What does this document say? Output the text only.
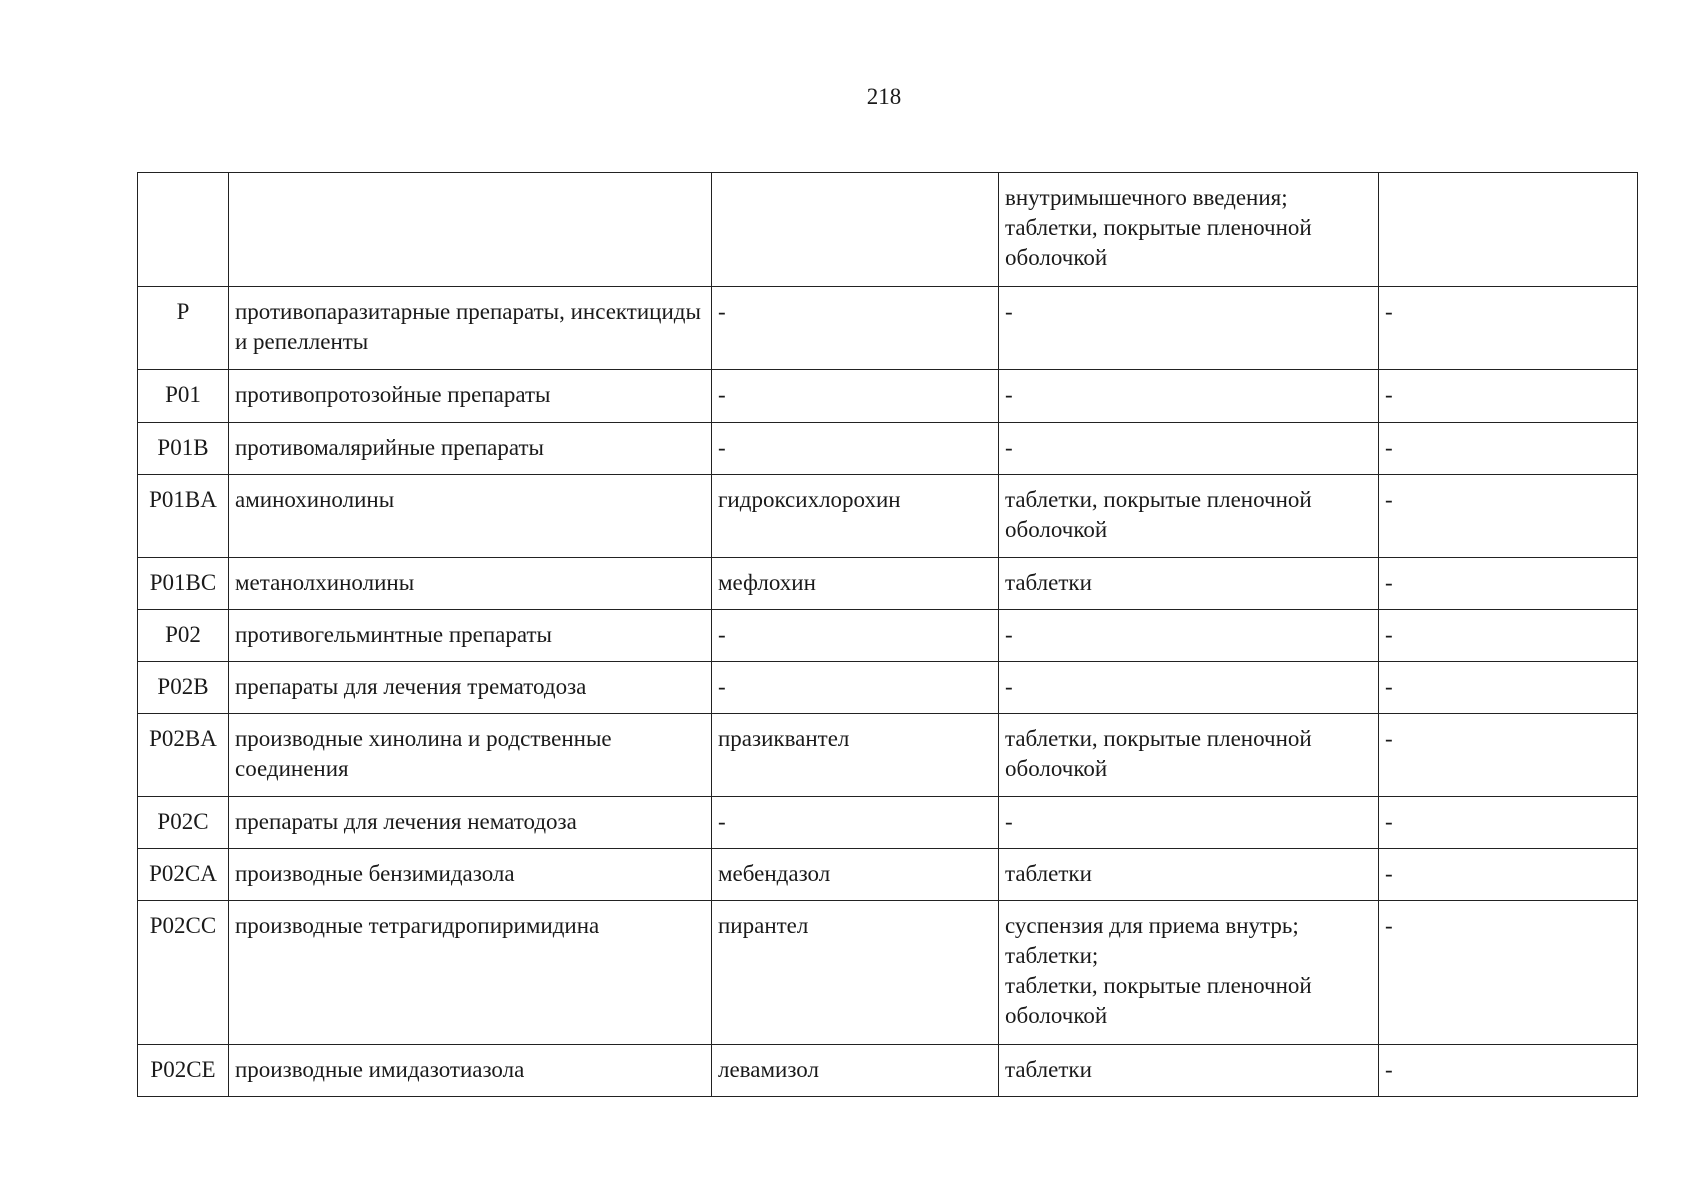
218
			внутримышечного введения;
таблетки, покрытые пленочной оболочкой	
P	противопаразитарные препараты, инсектициды и репелленты	-	-	-
P01	противопротозойные препараты	-	-	-
P01B	противомалярийные препараты	-	-	-
P01BA	аминохинолины	гидроксихлорохин	таблетки, покрытые пленочной оболочкой	-
P01BC	метанолхинолины	мефлохин	таблетки	-
P02	противогельминтные препараты	-	-	-
P02B	препараты для лечения трематодоза	-	-	-
P02BA	производные хинолина и родственные соединения	празиквантел	таблетки, покрытые пленочной оболочкой	-
P02C	препараты для лечения нематодоза	-	-	-
P02CA	производные бензимидазола	мебендазол	таблетки	-
P02CC	производные тетрагидропиримидина	пирантел	суспензия для приема внутрь;
таблетки;
таблетки, покрытые пленочной оболочкой	-
P02CE	производные имидазотиазола	левамизол	таблетки	-
